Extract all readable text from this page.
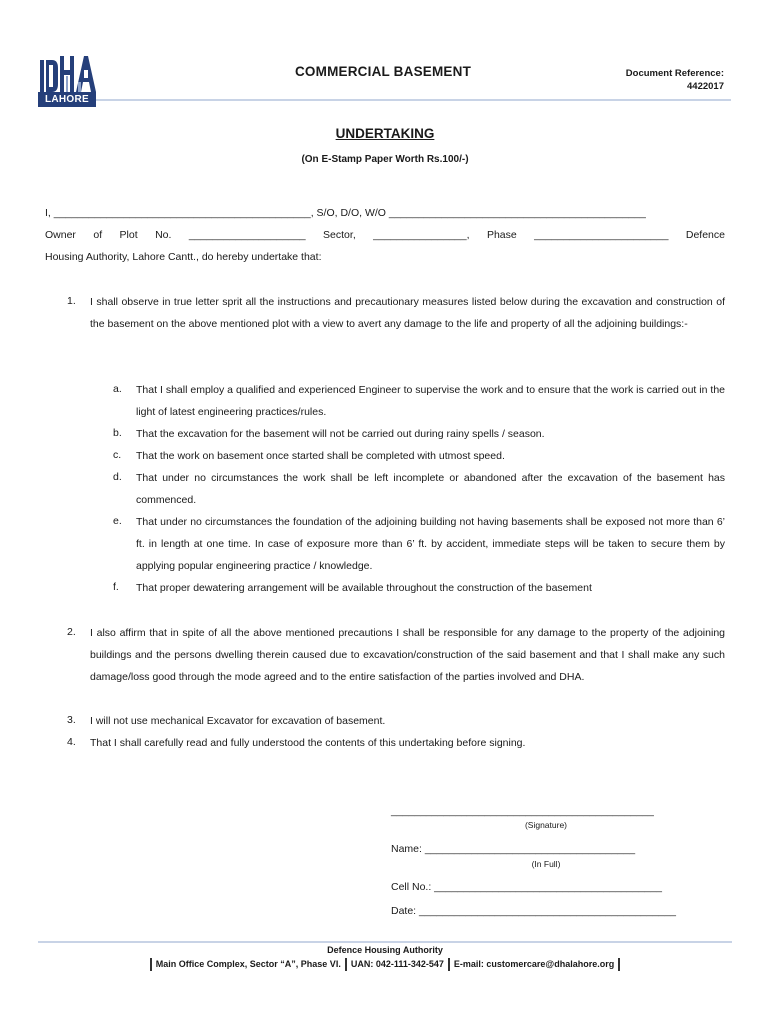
LAHORE
COMMERCIAL BASEMENT	Document Reference:
4422017
UNDERTAKING
(On E-Stamp Paper Worth Rs.100/-)
I, ____________________________________________, S/O, D/O, W/O ____________________________________________
Owner of Plot No. ____________________ Sector, ________________, Phase _______________________ Defence
Housing Authority, Lahore Cantt., do hereby undertake that:
1. I shall observe in true letter sprit all the instructions and precautionary measures listed below during the excavation and construction of the basement on the above mentioned plot with a view to avert any damage to the life and property of all the adjoining buildings:-
a. That I shall employ a qualified and experienced Engineer to supervise the work and to ensure that the work is carried out in the light of latest engineering practices/rules.
b. That the excavation for the basement will not be carried out during rainy spells / season.
c. That the work on basement once started shall be completed with utmost speed.
d. That under no circumstances the work shall be left incomplete or abandoned after the excavation of the basement has commenced.
e. That under no circumstances the foundation of the adjoining building not having basements shall be exposed not more than 6’ ft. in length at one time. In case of exposure more than 6’ ft. by accident, immediate steps will be taken to secure them by applying popular engineering practice / knowledge.
f. That proper dewatering arrangement will be available throughout the construction of the basement
2. I also affirm that in spite of all the above mentioned precautions I shall be responsible for any damage to the property of the adjoining buildings and the persons dwelling therein caused due to excavation/construction of the said basement and that I shall make any such damage/loss good through the mode agreed and to the entire satisfaction of the parties involved and DHA.
3. I will not use mechanical Excavator for excavation of basement.
4. That I shall carefully read and fully understood the contents of this undertaking before signing.
_____________________________________________
(Signature)
Name: ____________________________________
(In Full)
Cell No.: _______________________________________
Date: ____________________________________________
Defence Housing Authority
Main Office Complex, Sector “A”, Phase VI. UAN: 042-111-342-547 E-mail: customercare@dhalahore.org
